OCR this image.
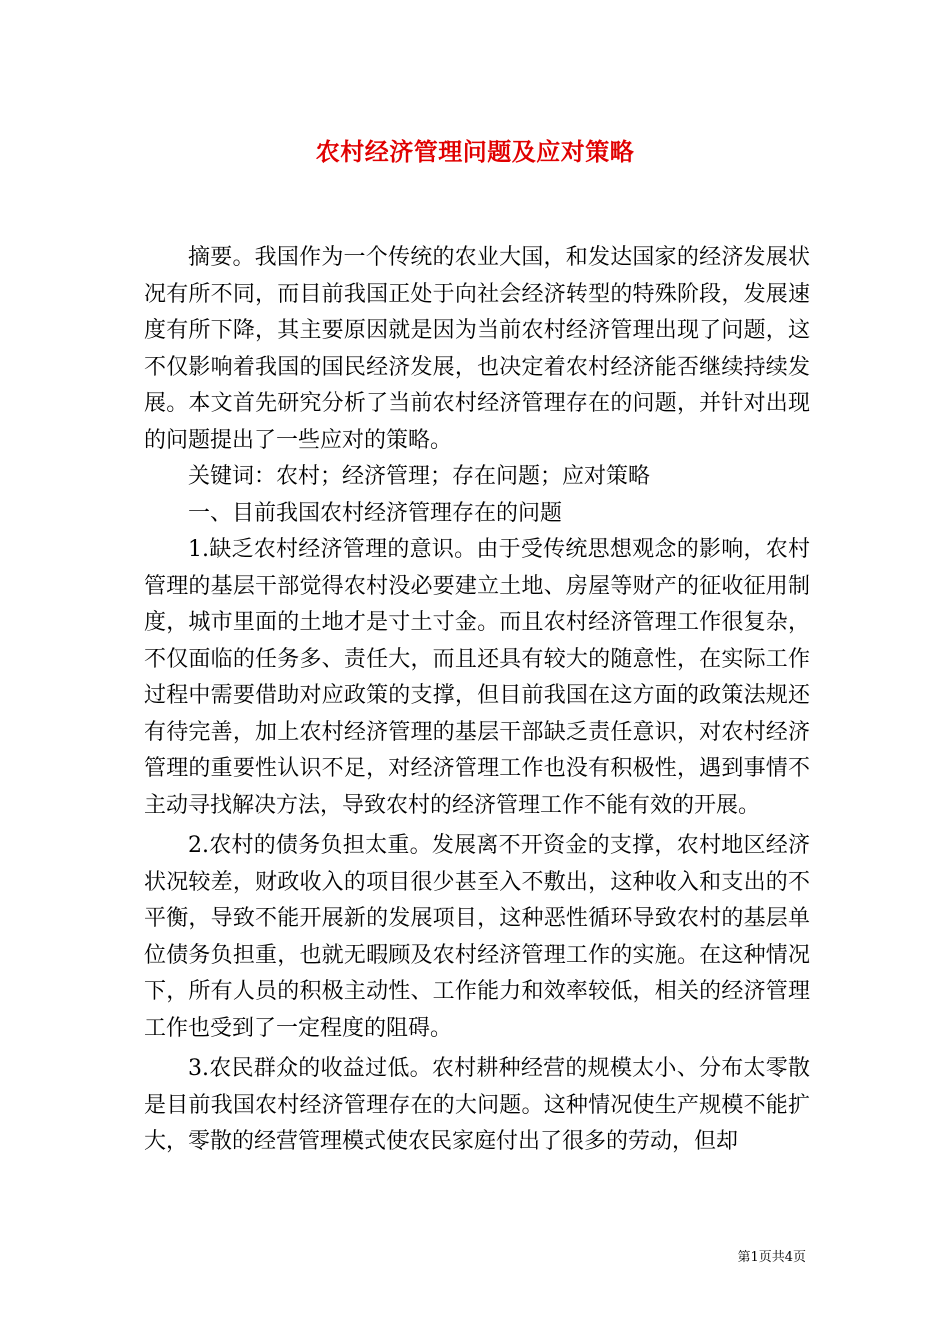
农村经济管理问题及应对策略

摘要。我国作为一个传统的农业大国，和发达国家的经济发展状况有所不同，而目前我国正处于向社会经济转型的特殊阶段，发展速度有所下降，其主要原因就是因为当前农村经济管理出现了问题，这不仅影响着我国的国民经济发展，也决定着农村经济能否继续持续发展。本文首先研究分析了当前农村经济管理存在的问题，并针对出现的问题提出了一些应对的策略。

关键词：农村；经济管理；存在问题；应对策略

一、目前我国农村经济管理存在的问题

1.缺乏农村经济管理的意识。由于受传统思想观念的影响，农村管理的基层干部觉得农村没必要建立土地、房屋等财产的征收征用制度，城市里面的土地才是寸土寸金。而且农村经济管理工作很复杂，不仅面临的任务多、责任大，而且还具有较大的随意性，在实际工作过程中需要借助对应政策的支撑，但目前我国在这方面的政策法规还有待完善，加上农村经济管理的基层干部缺乏责任意识，对农村经济管理的重要性认识不足，对经济管理工作也没有积极性，遇到事情不主动寻找解决方法，导致农村的经济管理工作不能有效的开展。

2.农村的债务负担太重。发展离不开资金的支撑，农村地区经济状况较差，财政收入的项目很少甚至入不敷出，这种收入和支出的不平衡，导致不能开展新的发展项目，这种恶性循环导致农村的基层单位债务负担重，也就无暇顾及农村经济管理工作的实施。在这种情况下，所有人员的积极主动性、工作能力和效率较低，相关的经济管理工作也受到了一定程度的阻碍。

3.农民群众的收益过低。农村耕种经营的规模太小、分布太零散是目前我国农村经济管理存在的大问题。这种情况使生产规模不能扩大，零散的经营管理模式使农民家庭付出了很多的劳动，但却

第1页共4页
